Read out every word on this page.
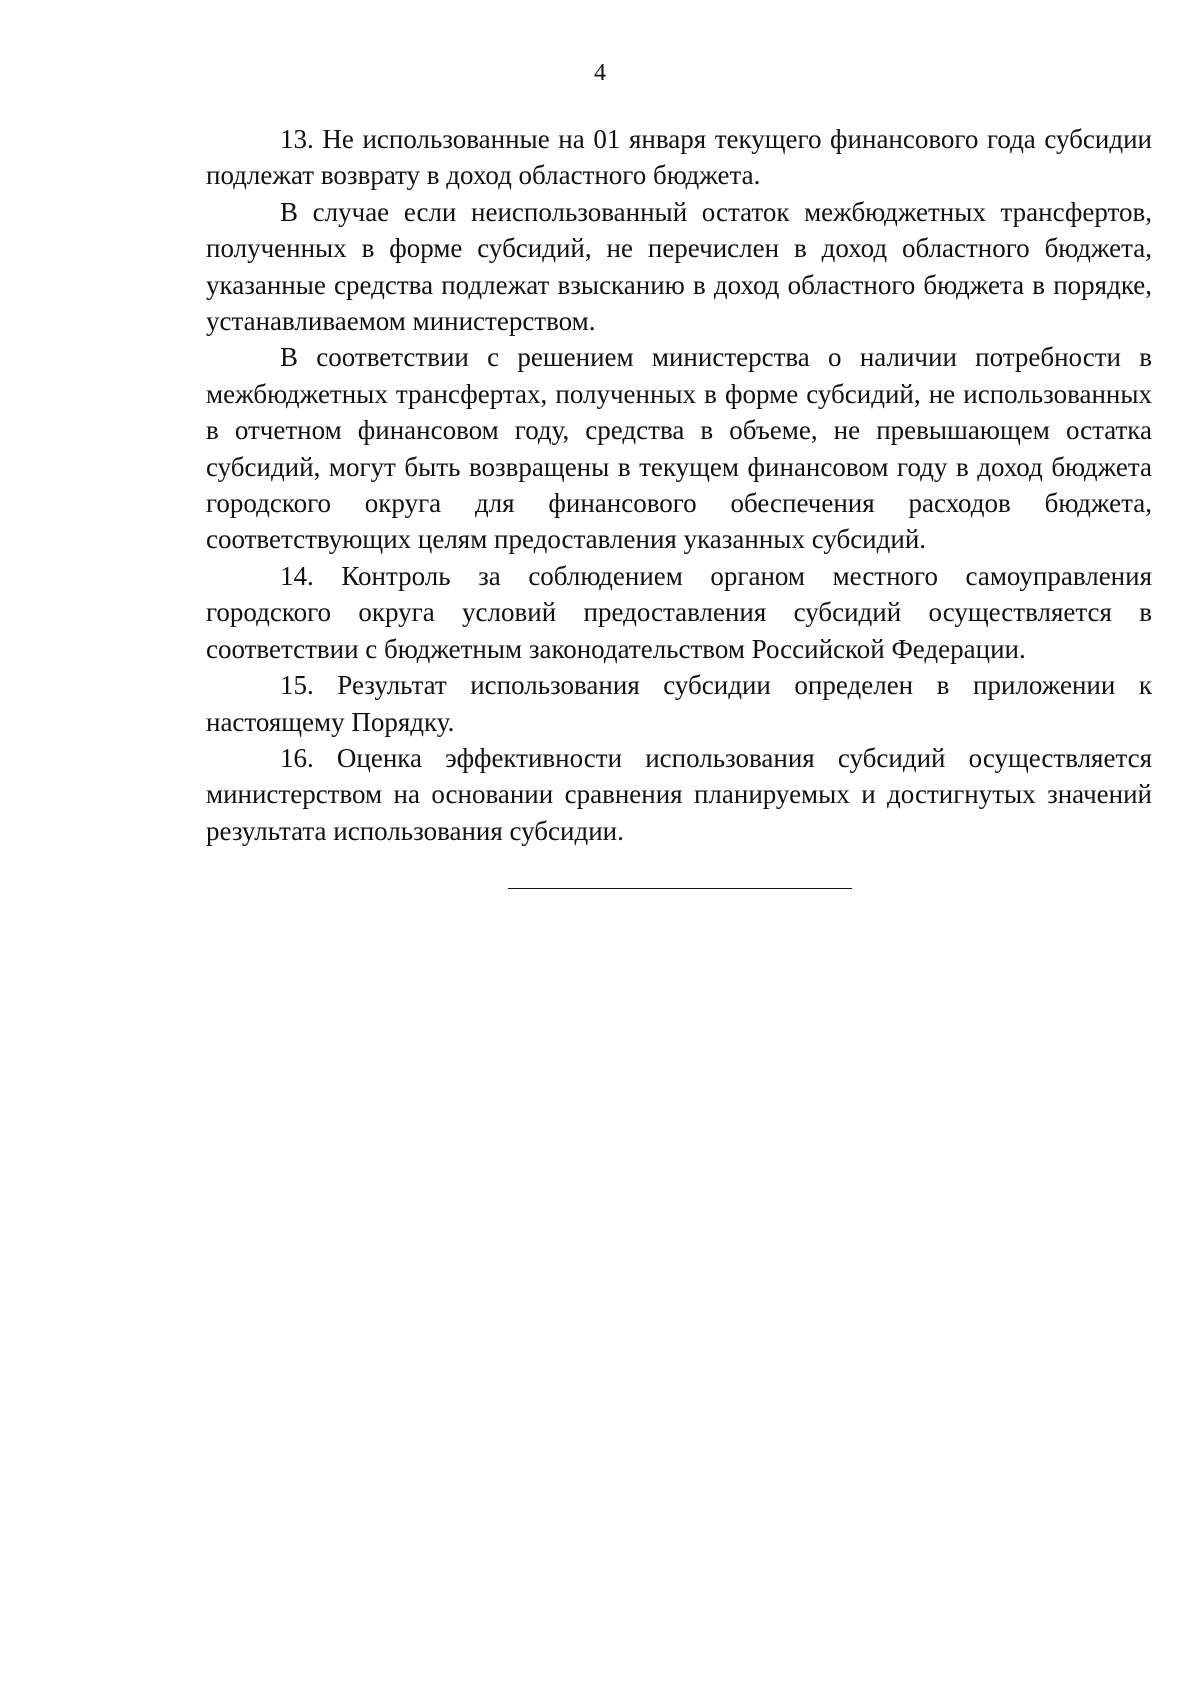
4

13. Не использованные на 01 января текущего финансового года субсидии подлежат возврату в доход областного бюджета.

В случае если неиспользованный остаток межбюджетных трансфертов, полученных в форме субсидий, не перечислен в доход областного бюджета, указанные средства подлежат взысканию в доход областного бюджета в порядке, устанавливаемом министерством.

В соответствии с решением министерства о наличии потребности в межбюджетных трансфертах, полученных в форме субсидий, не использованных в отчетном финансовом году, средства в объеме, не превышающем остатка субсидий, могут быть возвращены в текущем финансовом году в доход бюджета городского округа для финансового обеспечения расходов бюджета, соответствующих целям предоставления указанных субсидий.

14. Контроль за соблюдением органом местного самоуправления городского округа условий предоставления субсидий осуществляется в соответствии с бюджетным законодательством Российской Федерации.

15. Результат использования субсидии определен в приложении к настоящему Порядку.

16. Оценка эффективности использования субсидий осуществляется министерством на основании сравнения планируемых и достигнутых значений результата использования субсидии.
